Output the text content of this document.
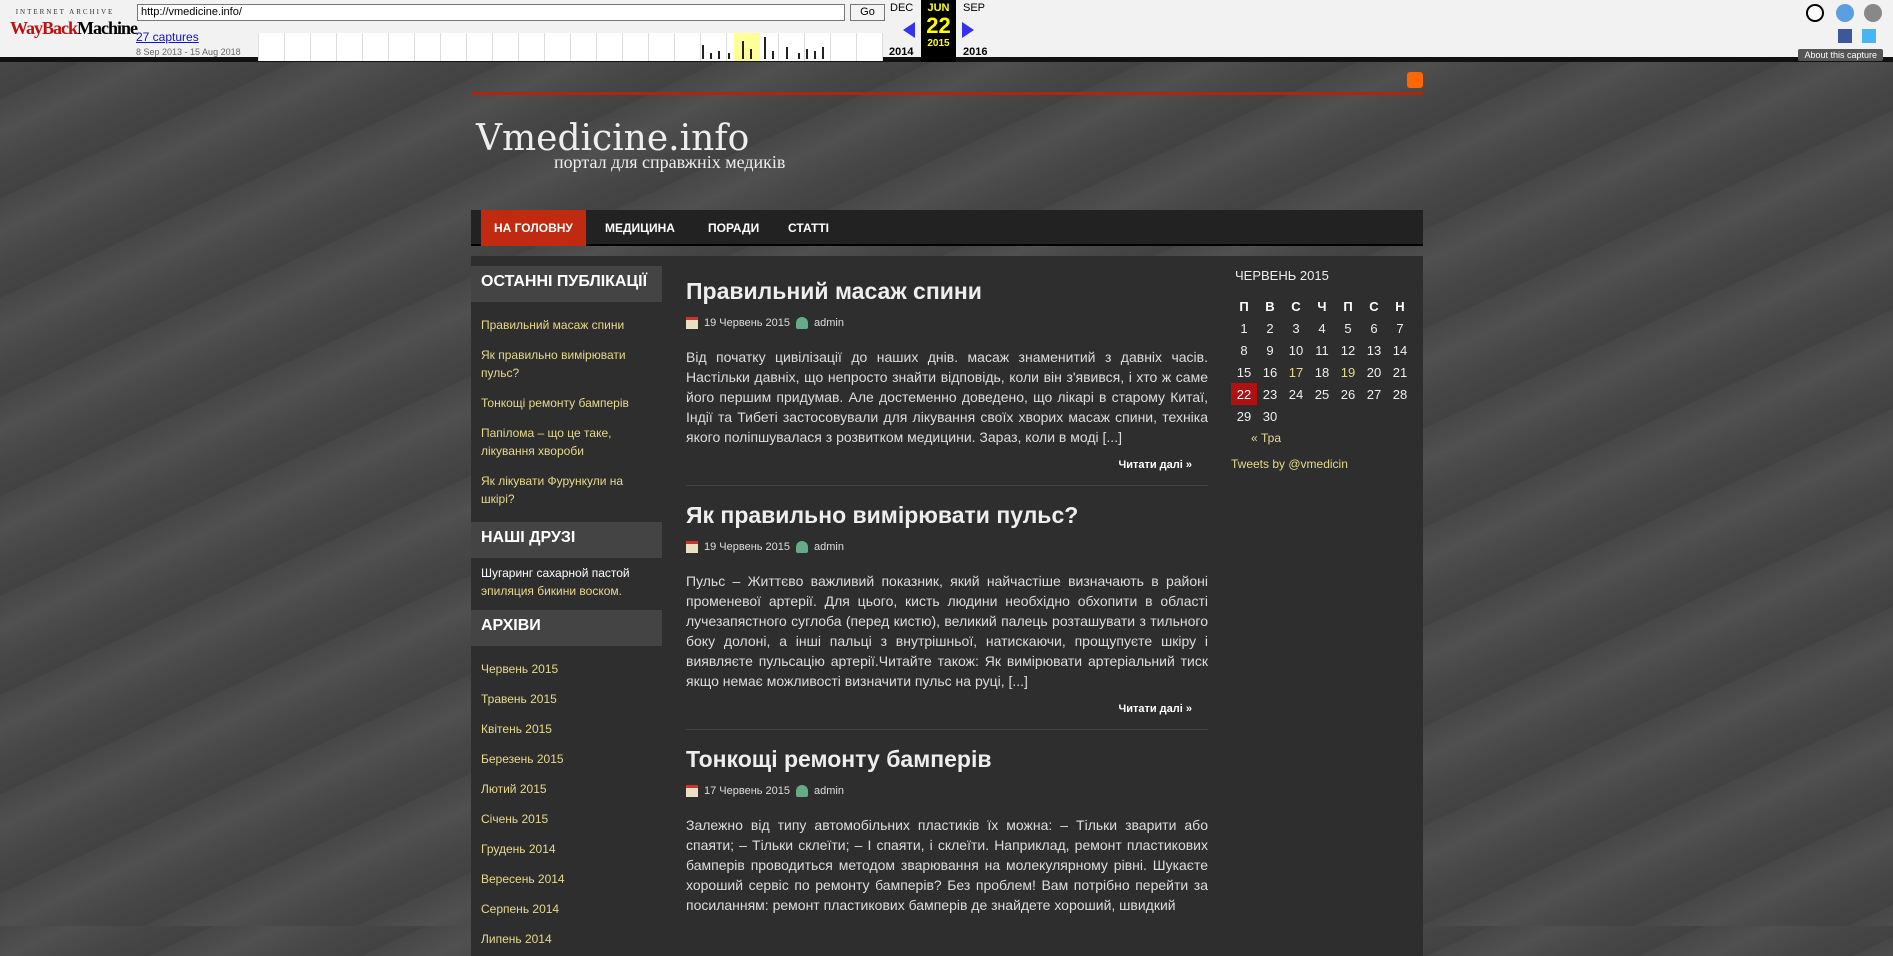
INTERNET ARCHIVE
WayBackMachine
http://vmedicine.info/	Go
27 captures
8 Sep 2013 - 15 Aug 2018
DEC
2014
JUN
22
2015
SEP
2016	About this capture
Vmedicine.info
портал для справжніх медиків
НА ГОЛОВНУ	МЕДИЦИНА	ПОРАДИ	СТАТТІ
ОСТАННІ ПУБЛІКАЦІЇ
Правильний масаж спини
Як правильно вимірювати пульс?
Тонкощі ремонту бамперів
Папілома – що це таке, лікування хвороби
Як лікувати Фурункули на шкірі?
НАШІ ДРУЗІ
Шугаринг сахарной пастой
эпиляция бикини воском.
АРХІВИ
Червень 2015
Травень 2015
Квітень 2015
Березень 2015
Лютий 2015
Січень 2015
Грудень 2014
Вересень 2014
Серпень 2014
Липень 2014
Правильний масаж спини
19 Червень 2015 admin

Від початку цивілізації до наших днів. масаж знаменитий з давніх часів. Настільки давніх, що непросто знайти відповідь, коли він з'явився, і хто ж саме його першим придумав. Але достеменно доведено, що лікарі в старому Китаї, Індії та Тибеті застосовували для лікування своїх хворих масаж спини, техніка якого поліпшувалася з розвитком медицини. Зараз, коли в моді [...]

Читати далі »
Як правильно вимірювати пульс?
19 Червень 2015 admin

Пульс – Життєво важливий показник, який найчастіше визначають в районі променевої артерії. Для цього, кисть людини необхідно обхопити в області лучезапястного суглоба (перед кистю), великий палець розташувати з тильного боку долоні, а інші пальці з внутрішньої, натискаючи, прощупуєте шкіру і виявляєте пульсацію артерії.Читайте також: Як вимірювати артеріальний тиск якщо немає можливості визначити пульс на руці, [...]

Читати далі »
Тонкощі ремонту бамперів
17 Червень 2015 admin

Залежно від типу автомобільних пластиків їх можна: – Тільки зварити або спаяти; – Тільки склеїти; – І спаяти, і склеїти. Наприклад, ремонт пластикових бамперів проводиться методом зварювання на молекулярному рівні. Шукаєте хороший сервіс по ремонту бамперів? Без проблем! Вам потрібно перейти за посиланням: ремонт пластикових бамперів де знайдете хороший, швидкий

ЧЕРВЕНЬ 2015
П	В	С	Ч	П	С	Н
1	2	3	4	5	6	7
8	9	10	11	12	13	14
15	16	17	18	19	20	21
22	23	24	25	26	27	28
29	30					
« Тра
Tweets by @vmedicin
